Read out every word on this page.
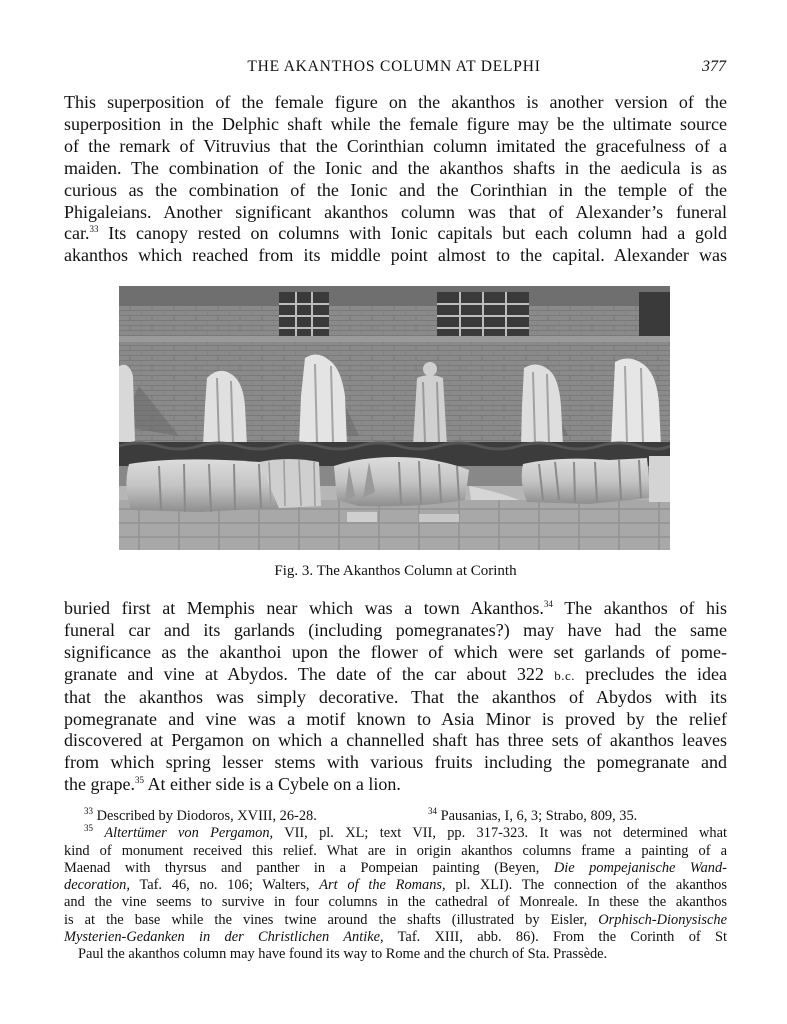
THE AKANTHOS COLUMN AT DELPHI	377
This superposition of the female figure on the akanthos is another version of the
superposition in the Delphic shaft while the female figure may be the ultimate source
of the remark of Vitruvius that the Corinthian column imitated the gracefulness of a
maiden. The combination of the Ionic and the akanthos shafts in the aedicula is as
curious as the combination of the Ionic and the Corinthian in the temple of the
Phigaleians. Another significant akanthos column was that of Alexander’s funeral
car.$^{33}$ Its canopy rested on columns with Ionic capitals but each column had a gold
akanthos which reached from its middle point almost to the capital. Alexander was
Fig. 3. The Akanthos Column at Corinth
buried first at Memphis near which was a town Akanthos.$^{34}$ The akanthos of his
funeral car and its garlands (including pomegranates?) may have had the same
significance as the akanthoi upon the flower of which were set garlands of pome-
granate and vine at Abydos. The date of the car about 322 b.c. precludes the idea
that the akanthos was simply decorative. That the akanthos of Abydos with its
pomegranate and vine was a motif known to Asia Minor is proved by the relief
discovered at Pergamon on which a channelled shaft has three sets of akanthos leaves
from which spring lesser stems with various fruits including the pomegranate and
the grape.$^{35}$ At either side is a Cybele on a lion.
$^{33}$ Described by Diodoros, XVIII, 26-28.	$^{34}$ Pausanias, I, 6, 3; Strabo, 809, 35.
$^{35}$ Altertümer von Pergamon, VII, pl. XL; text VII, pp. 317-323. It was not determined what
kind of monument received this relief. What are in origin akanthos columns frame a painting of a
Maenad with thyrsus and panther in a Pompeian painting (Beyen, Die pompejanische Wand-
decoration, Taf. 46, no. 106; Walters, Art of the Romans, pl. XLI). The connection of the akanthos
and the vine seems to survive in four columns in the cathedral of Monreale. In these the akanthos
is at the base while the vines twine around the shafts (illustrated by Eisler, Orphisch-Dionysische
Mysterien-Gedanken in der Christlichen Antike, Taf. XIII, abb. 86). From the Corinth of St
Paul the akanthos column may have found its way to Rome and the church of Sta. Prassède.
